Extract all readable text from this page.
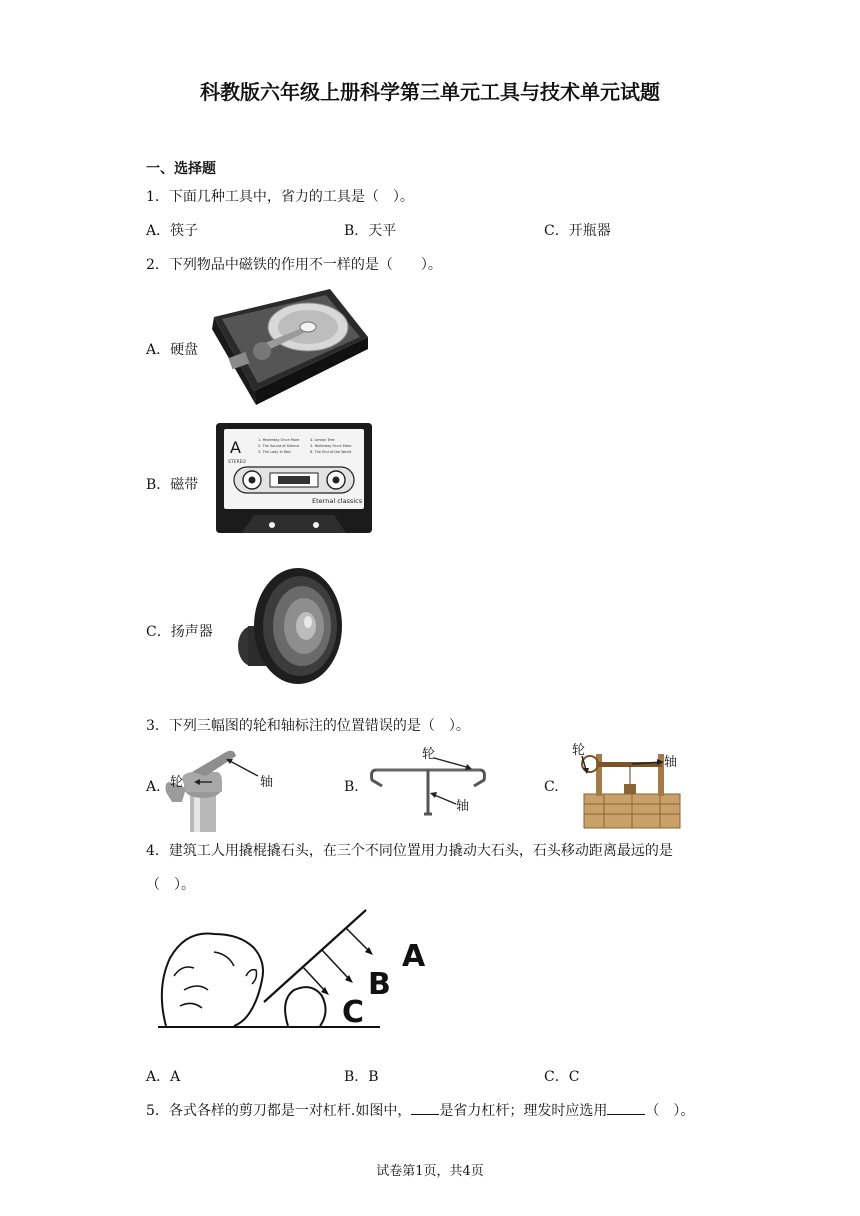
科教版六年级上册科学第三单元工具与技术单元试题
一、选择题
1．下面几种工具中，省力的工具是（　）。
A．筷子	B．天平	C．开瓶器
2．下列物品中磁铁的作用不一样的是（　　）。
A．硬盘
B．磁带
A	1. Yesterday Once More
2. The Sound of Silence
3. The Lady in Red
4. Lemon Tree
5. Yesterday Once More
6. The End of the World
STEREO
Eternal classics
C．扬声器
3．下列三幅图的轮和轴标注的位置错误的是（　）。
A. 轮	轴	B.
轮
轴
C.
轮
轴
4．建筑工人用撬棍撬石头，在三个不同位置用力撬动大石头，石头移动距离最远的是
（　）。
A
B
C
A．A	B．B	C．C
5．各式各样的剪刀都是一对杠杆.如图中， 是省力杠杆；理发时应选用	（　）。
试卷第1页，共4页
